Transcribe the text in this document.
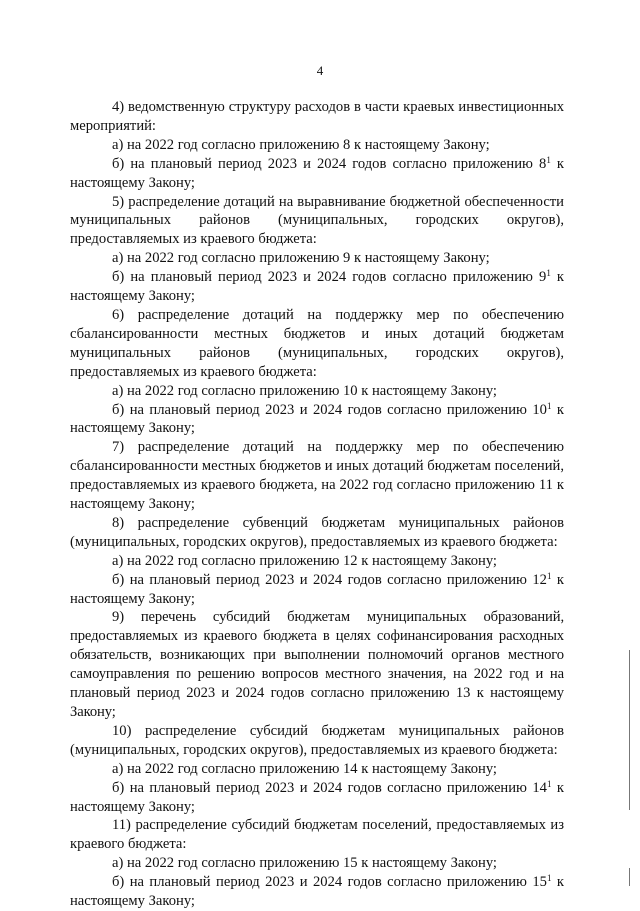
4

4) ведомственную структуру расходов в части краевых инвестиционных мероприятий:

а) на 2022 год согласно приложению 8 к настоящему Закону;

б) на плановый период 2023 и 2024 годов согласно приложению $8^1$ к настоящему Закону;

5) распределение дотаций на выравнивание бюджетной обеспеченности муниципальных районов (муниципальных, городских округов), предоставляемых из краевого бюджета:

а) на 2022 год согласно приложению 9 к настоящему Закону;

б) на плановый период 2023 и 2024 годов согласно приложению $9^1$ к настоящему Закону;

6) распределение дотаций на поддержку мер по обеспечению сбалансированности местных бюджетов и иных дотаций бюджетам муниципальных районов (муниципальных, городских округов), предоставляемых из краевого бюджета:

а) на 2022 год согласно приложению 10 к настоящему Закону;

б) на плановый период 2023 и 2024 годов согласно приложению $10^1$ к настоящему Закону;

7) распределение дотаций на поддержку мер по обеспечению сбалансированности местных бюджетов и иных дотаций бюджетам поселений, предоставляемых из краевого бюджета, на 2022 год согласно приложению 11 к настоящему Закону;

8) распределение субвенций бюджетам муниципальных районов (муниципальных, городских округов), предоставляемых из краевого бюджета:

а) на 2022 год согласно приложению 12 к настоящему Закону;

б) на плановый период 2023 и 2024 годов согласно приложению $12^1$ к настоящему Закону;

9) перечень субсидий бюджетам муниципальных образований, предоставляемых из краевого бюджета в целях софинансирования расходных обязательств, возникающих при выполнении полномочий органов местного самоуправления по решению вопросов местного значения, на 2022 год и на плановый период 2023 и 2024 годов согласно приложению 13 к настоящему Закону;

10) распределение субсидий бюджетам муниципальных районов (муниципальных, городских округов), предоставляемых из краевого бюджета:

а) на 2022 год согласно приложению 14 к настоящему Закону;

б) на плановый период 2023 и 2024 годов согласно приложению $14^1$ к настоящему Закону;

11) распределение субсидий бюджетам поселений, предоставляемых из краевого бюджета:

а) на 2022 год согласно приложению 15 к настоящему Закону;

б) на плановый период 2023 и 2024 годов согласно приложению $15^1$ к настоящему Закону;
